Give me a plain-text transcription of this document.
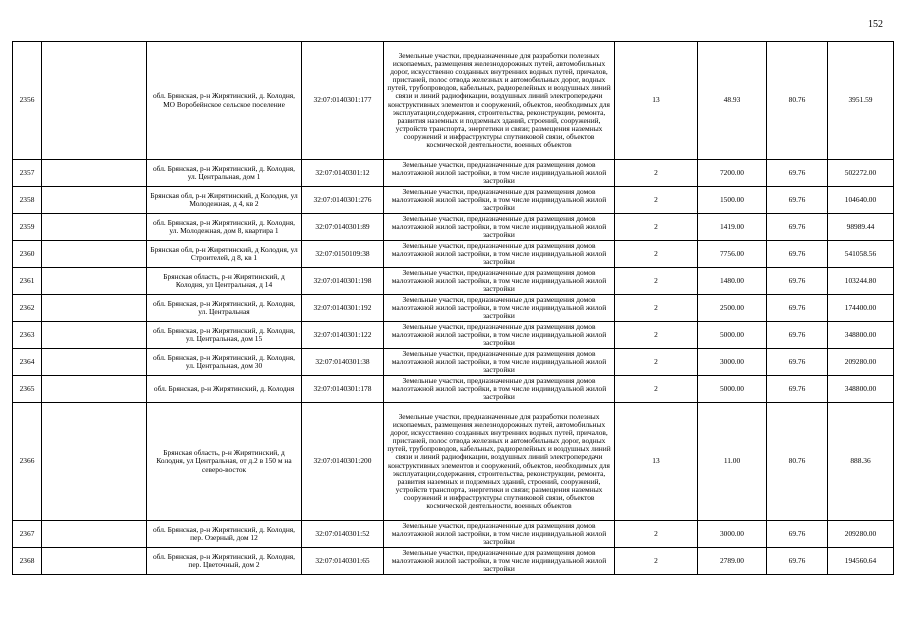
152
2356		обл. Брянская, р-н Жирятинский, д. Колодня, МО Воробейнское сельское поселение	32:07:0140301:177	Земельные участки, предназначенные для разработки полезных ископаемых, размещения железнодорожных путей, автомобильных дорог, искусственно созданных внутренних водных путей, причалов, пристаней, полос отвода железных и автомобильных дорог, водных путей, трубопроводов, кабельных, радиорелейных и воздушных линий связи и линий радиофикации, воздушных линий электропередачи конструктивных элементов и сооружений, объектов, необходимых для эксплуатации,содержания, строительства, реконструкции, ремонта, развития наземных и подземных зданий, строений, сооружений, устройств транспорта, энергетики и связи; размещения наземных сооружений и инфраструктуры спутниковой связи, объектов космической деятельности, военных объектов	13	48.93	80.76	3951.59
2357		обл. Брянская, р-н Жирятинский, д. Колодня, ул. Центральная, дом 1	32:07:0140301:12	Земельные участки, предназначенные для размещения домов малоэтажной жилой застройки, в том числе индивидуальной жилой застройки	2	7200.00	69.76	502272.00
2358		Брянская обл, р-н Жирятинский, д Колодня, ул Молодежная, д 4, кв 2	32:07:0140301:276	Земельные участки, предназначенные для размещения домов малоэтажной жилой застройки, в том числе индивидуальной жилой застройки	2	1500.00	69.76	104640.00
2359		обл. Брянская, р-н Жирятинский, д. Колодня, ул. Молодежная, дом 8, квартира 1	32:07:0140301:89	Земельные участки, предназначенные для размещения домов малоэтажной жилой застройки, в том числе индивидуальной жилой застройки	2	1419.00	69.76	98989.44
2360		Брянская обл, р-н Жирятинский, д Колодня, ул Строителей, д 8, кв 1	32:07:0150109:38	Земельные участки, предназначенные для размещения домов малоэтажной жилой застройки, в том числе индивидуальной жилой застройки	2	7756.00	69.76	541058.56
2361		Брянская область, р-н Жирятинский, д Колодня, ул Центральная, д 14	32:07:0140301:198	Земельные участки, предназначенные для размещения домов малоэтажной жилой застройки, в том числе индивидуальной жилой застройки	2	1480.00	69.76	103244.80
2362		обл. Брянская, р-н Жирятинский, д. Колодня, ул. Центральная	32:07:0140301:192	Земельные участки, предназначенные для размещения домов малоэтажной жилой застройки, в том числе индивидуальной жилой застройки	2	2500.00	69.76	174400.00
2363		обл. Брянская, р-н Жирятинский, д. Колодня, ул. Центральная, дом 15	32:07:0140301:122	Земельные участки, предназначенные для размещения домов малоэтажной жилой застройки, в том числе индивидуальной жилой застройки	2	5000.00	69.76	348800.00
2364		обл. Брянская, р-н Жирятинский, д. Колодня, ул. Центральная, дом 30	32:07:0140301:38	Земельные участки, предназначенные для размещения домов малоэтажной жилой застройки, в том числе индивидуальной жилой застройки	2	3000.00	69.76	209280.00
2365		обл. Брянская, р-н Жирятинский, д. Колодня	32:07:0140301:178	Земельные участки, предназначенные для размещения домов малоэтажной жилой застройки, в том числе индивидуальной жилой застройки	2	5000.00	69.76	348800.00
2366		Брянская область, р-н Жирятинский, д Колодня, ул Центральная, от д.2 в 150 м на северо-восток	32:07:0140301:200	Земельные участки, предназначенные для разработки полезных ископаемых, размещения железнодорожных путей, автомобильных дорог, искусственно созданных внутренних водных путей, причалов, пристаней, полос отвода железных и автомобильных дорог, водных путей, трубопроводов, кабельных, радиорелейных и воздушных линий связи и линий радиофикации, воздушных линий электропередачи конструктивных элементов и сооружений, объектов, необходимых для эксплуатации,содержания, строительства, реконструкции, ремонта, развития наземных и подземных зданий, строений, сооружений, устройств транспорта, энергетики и связи; размещения наземных сооружений и инфраструктуры спутниковой связи, объектов космической деятельности, военных объектов	13	11.00	80.76	888.36
2367		обл. Брянская, р-н Жирятинский, д. Колодня, пер. Озерный, дом 12	32:07:0140301:52	Земельные участки, предназначенные для размещения домов малоэтажной жилой застройки, в том числе индивидуальной жилой застройки	2	3000.00	69.76	209280.00
2368		обл. Брянская, р-н Жирятинский, д. Колодня, пер. Цветочный, дом 2	32:07:0140301:65	Земельные участки, предназначенные для размещения домов малоэтажной жилой застройки, в том числе индивидуальной жилой застройки	2	2789.00	69.76	194560.64
